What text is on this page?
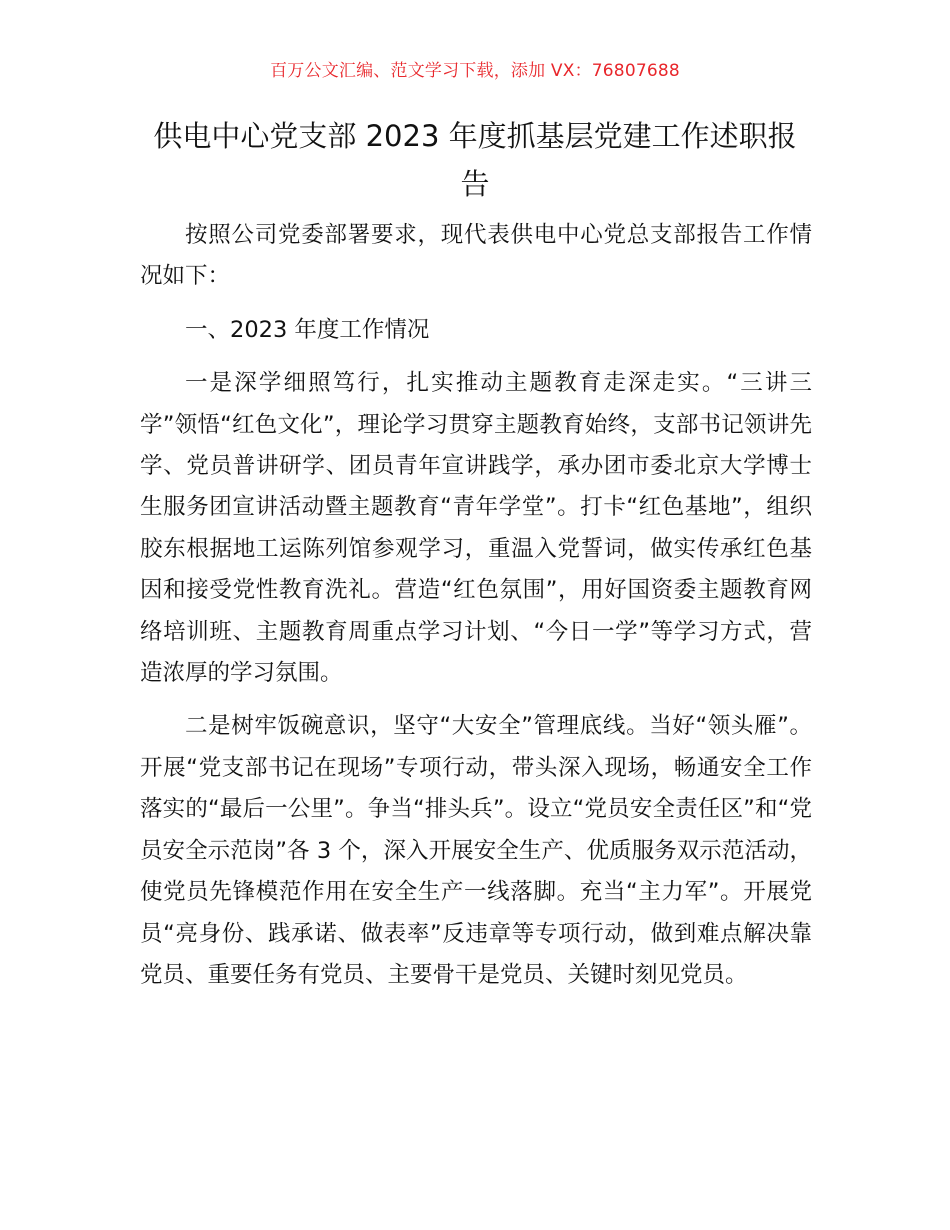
百万公文汇编、范文学习下载，添加 VX：76807688
供电中心党支部 2023 年度抓基层党建工作述职报告

按照公司党委部署要求，现代表供电中心党总支部报告工作情况如下：

一、2023 年度工作情况

一是深学细照笃行，扎实推动主题教育走深走实。“三讲三学”领悟“红色文化”，理论学习贯穿主题教育始终，支部书记领讲先学、党员普讲研学、团员青年宣讲践学，承办团市委北京大学博士生服务团宣讲活动暨主题教育“青年学堂”。打卡“红色基地”，组织胶东根据地工运陈列馆参观学习，重温入党誓词，做实传承红色基因和接受党性教育洗礼。营造“红色氛围”，用好国资委主题教育网络培训班、主题教育周重点学习计划、“今日一学”等学习方式，营造浓厚的学习氛围。

二是树牢饭碗意识，坚守“大安全”管理底线。当好“领头雁”。开展“党支部书记在现场”专项行动，带头深入现场，畅通安全工作落实的“最后一公里”。争当“排头兵”。设立“党员安全责任区”和“党员安全示范岗”各 3 个，深入开展安全生产、优质服务双示范活动，使党员先锋模范作用在安全生产一线落脚。充当“主力军”。开展党员“亮身份、践承诺、做表率”反违章等专项行动，做到难点解决靠党员、重要任务有党员、主要骨干是党员、关键时刻见党员。
